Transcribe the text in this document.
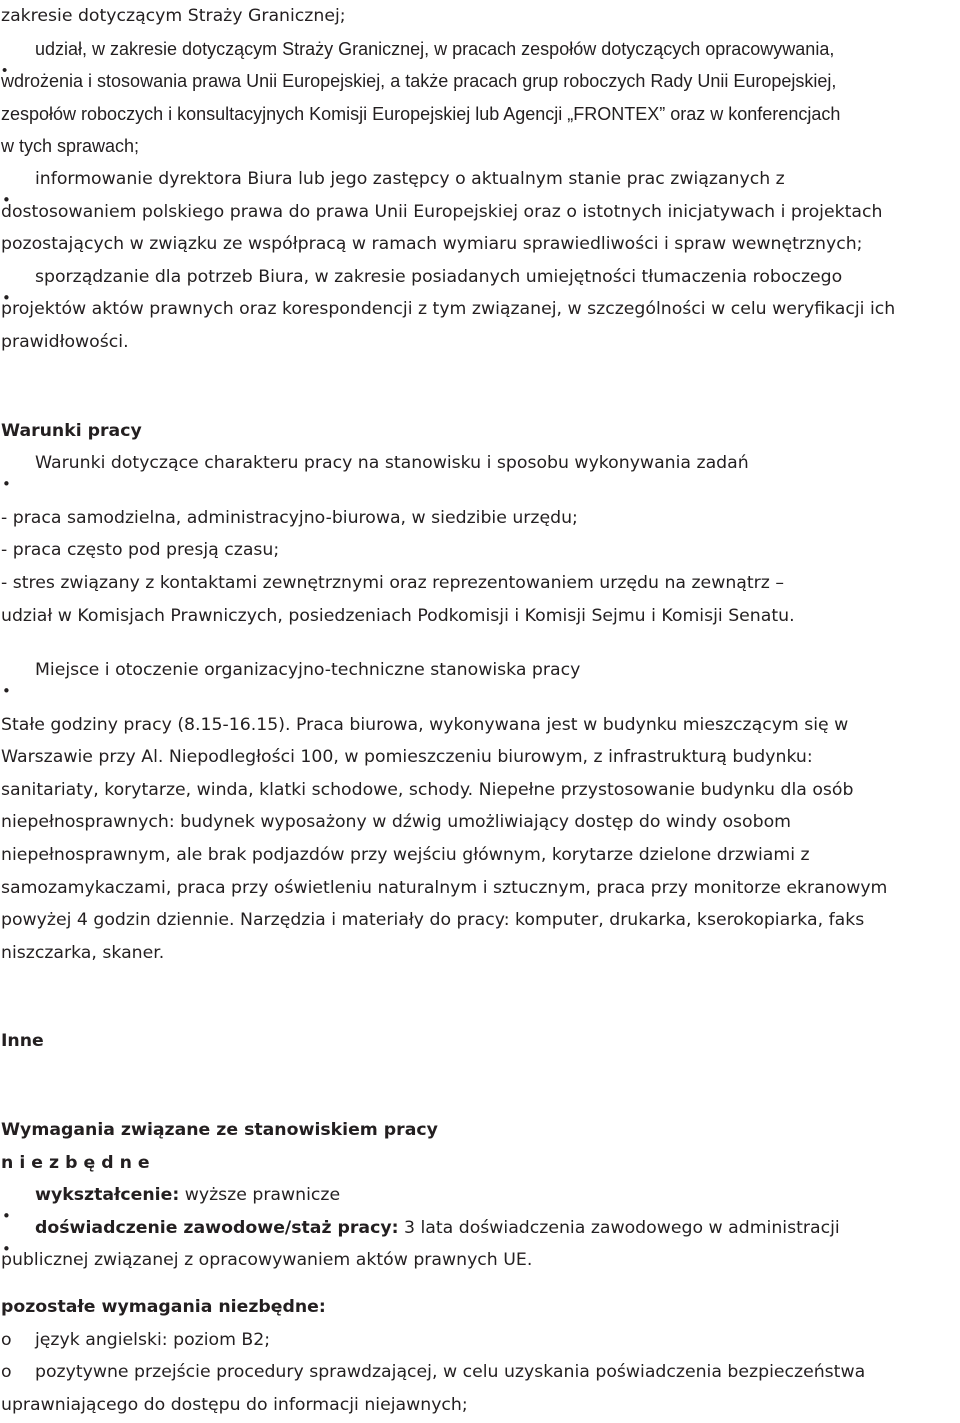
zakresie dotyczącym Straży Granicznej;
udział, w zakresie dotyczącym Straży Granicznej, w pracach zespołów dotyczących opracowywania,
wdrożenia i stosowania prawa Unii Europejskiej, a także pracach grup roboczych Rady Unii Europejskiej,
zespołów roboczych i konsultacyjnych Komisji Europejskiej lub Agencji „FRONTEX” oraz w konferencjach
w tych sprawach;
informowanie dyrektora Biura lub jego zastępcy o aktualnym stanie prac związanych z
dostosowaniem polskiego prawa do prawa Unii Europejskiej oraz o istotnych inicjatywach i projektach
pozostających w związku ze współpracą w ramach wymiaru sprawiedliwości i spraw wewnętrznych;
sporządzanie dla potrzeb Biura, w zakresie posiadanych umiejętności tłumaczenia roboczego
projektów aktów prawnych oraz korespondencji z tym związanej, w szczególności w celu weryfikacji ich
prawidłowości.
Warunki pracy
Warunki dotyczące charakteru pracy na stanowisku i sposobu wykonywania zadań
- praca samodzielna, administracyjno-biurowa, w siedzibie urzędu;
- praca często pod presją czasu;
- stres związany z kontaktami zewnętrznymi oraz reprezentowaniem urzędu na zewnątrz –
udział w Komisjach Prawniczych, posiedzeniach Podkomisji i Komisji Sejmu i Komisji Senatu.
Miejsce i otoczenie organizacyjno-techniczne stanowiska pracy
Stałe godziny pracy (8.15-16.15). Praca biurowa, wykonywana jest w budynku mieszczącym się w
Warszawie przy Al. Niepodległości 100, w pomieszczeniu biurowym, z infrastrukturą budynku:
sanitariaty, korytarze, winda, klatki schodowe, schody. Niepełne przystosowanie budynku dla osób
niepełnosprawnych: budynek wyposażony w dźwig umożliwiający dostęp do windy osobom
niepełnosprawnym, ale brak podjazdów przy wejściu głównym, korytarze dzielone drzwiami z
samozamykaczami, praca przy oświetleniu naturalnym i sztucznym, praca przy monitorze ekranowym
powyżej 4 godzin dziennie. Narzędzia i materiały do pracy: komputer, drukarka, kserokopiarka, faks
niszczarka, skaner.
Inne
Wymagania związane ze stanowiskiem pracy
n i e z b ę d n e
wykształcenie: wyższe prawnicze
doświadczenie zawodowe/staż pracy: 3 lata doświadczenia zawodowego w administracji
publicznej związanej z opracowywaniem aktów prawnych UE.
pozostałe wymagania niezbędne:
o język angielski: poziom B2;
o pozytywne przejście procedury sprawdzającej, w celu uzyskania poświadczenia bezpieczeństwa
uprawniającego do dostępu do informacji niejawnych;
